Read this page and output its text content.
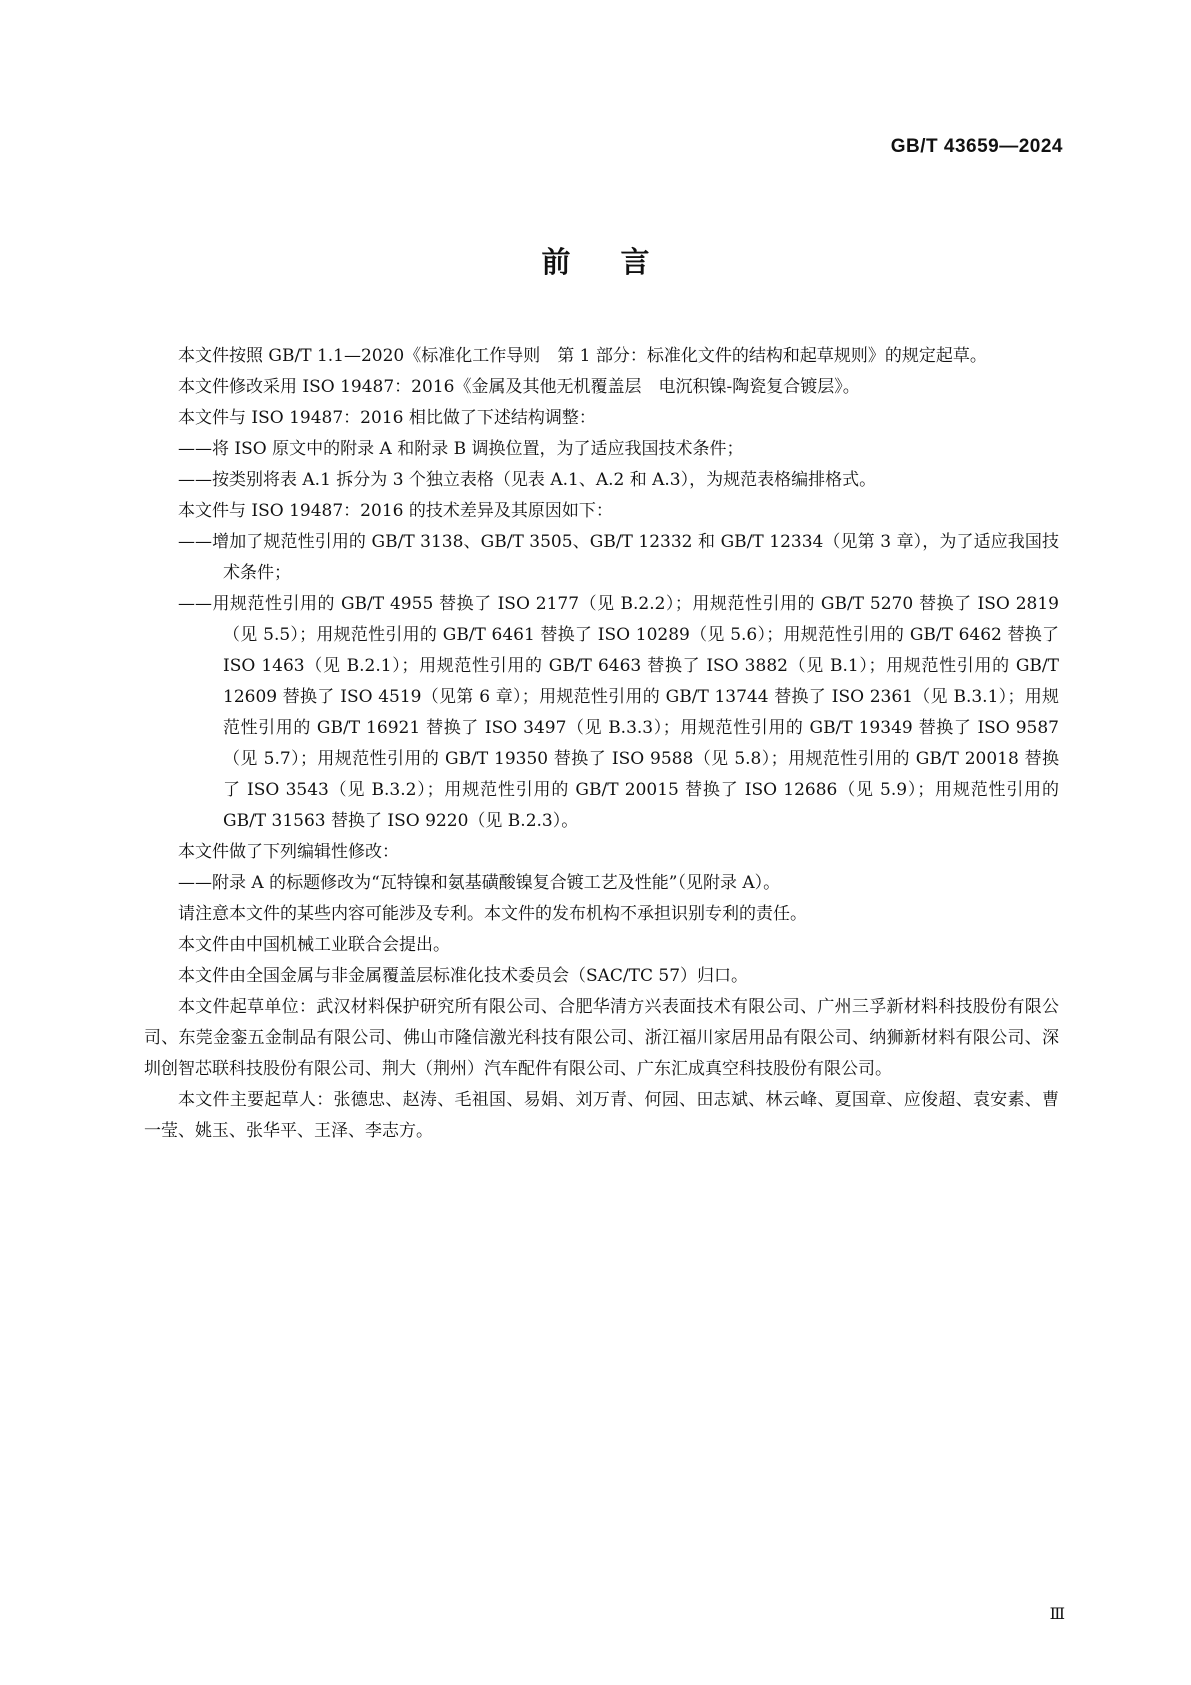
GB/T 43659—2024
前言

本文件按照 GB/T 1.1—2020《标准化工作导则　第 1 部分：标准化文件的结构和起草规则》的规定起草。

本文件修改采用 ISO 19487：2016《金属及其他无机覆盖层　电沉积镍-陶瓷复合镀层》。

本文件与 ISO 19487：2016 相比做了下述结构调整：

——将 ISO 原文中的附录 A 和附录 B 调换位置，为了适应我国技术条件；

——按类别将表 A.1 拆分为 3 个独立表格（见表 A.1、A.2 和 A.3），为规范表格编排格式。

本文件与 ISO 19487：2016 的技术差异及其原因如下：

——增加了规范性引用的 GB/T 3138、GB/T 3505、GB/T 12332 和 GB/T 12334（见第 3 章），为了适应我国技术条件；

——用规范性引用的 GB/T 4955 替换了 ISO 2177（见 B.2.2）；用规范性引用的 GB/T 5270 替换了 ISO 2819（见 5.5）；用规范性引用的 GB/T 6461 替换了 ISO 10289（见 5.6）；用规范性引用的 GB/T 6462 替换了 ISO 1463（见 B.2.1）；用规范性引用的 GB/T 6463 替换了 ISO 3882（见 B.1）；用规范性引用的 GB/T 12609 替换了 ISO 4519（见第 6 章）；用规范性引用的 GB/T 13744 替换了 ISO 2361（见 B.3.1）；用规范性引用的 GB/T 16921 替换了 ISO 3497（见 B.3.3）；用规范性引用的 GB/T 19349 替换了 ISO 9587（见 5.7）；用规范性引用的 GB/T 19350 替换了 ISO 9588（见 5.8）；用规范性引用的 GB/T 20018 替换了 ISO 3543（见 B.3.2）；用规范性引用的 GB/T 20015 替换了 ISO 12686（见 5.9）；用规范性引用的 GB/T 31563 替换了 ISO 9220（见 B.2.3）。

本文件做了下列编辑性修改：

——附录 A 的标题修改为“瓦特镍和氨基磺酸镍复合镀工艺及性能”（见附录 A）。

请注意本文件的某些内容可能涉及专利。本文件的发布机构不承担识别专利的责任。

本文件由中国机械工业联合会提出。

本文件由全国金属与非金属覆盖层标准化技术委员会（SAC/TC 57）归口。

本文件起草单位：武汉材料保护研究所有限公司、合肥华清方兴表面技术有限公司、广州三孚新材料科技股份有限公司、东莞金銮五金制品有限公司、佛山市隆信激光科技有限公司、浙江福川家居用品有限公司、纳狮新材料有限公司、深圳创智芯联科技股份有限公司、荆大（荆州）汽车配件有限公司、广东汇成真空科技股份有限公司。

本文件主要起草人：张德忠、赵涛、毛祖国、易娟、刘万青、何园、田志斌、林云峰、夏国章、应俊超、袁安素、曹一莹、姚玉、张华平、王泽、李志方。

Ⅲ
